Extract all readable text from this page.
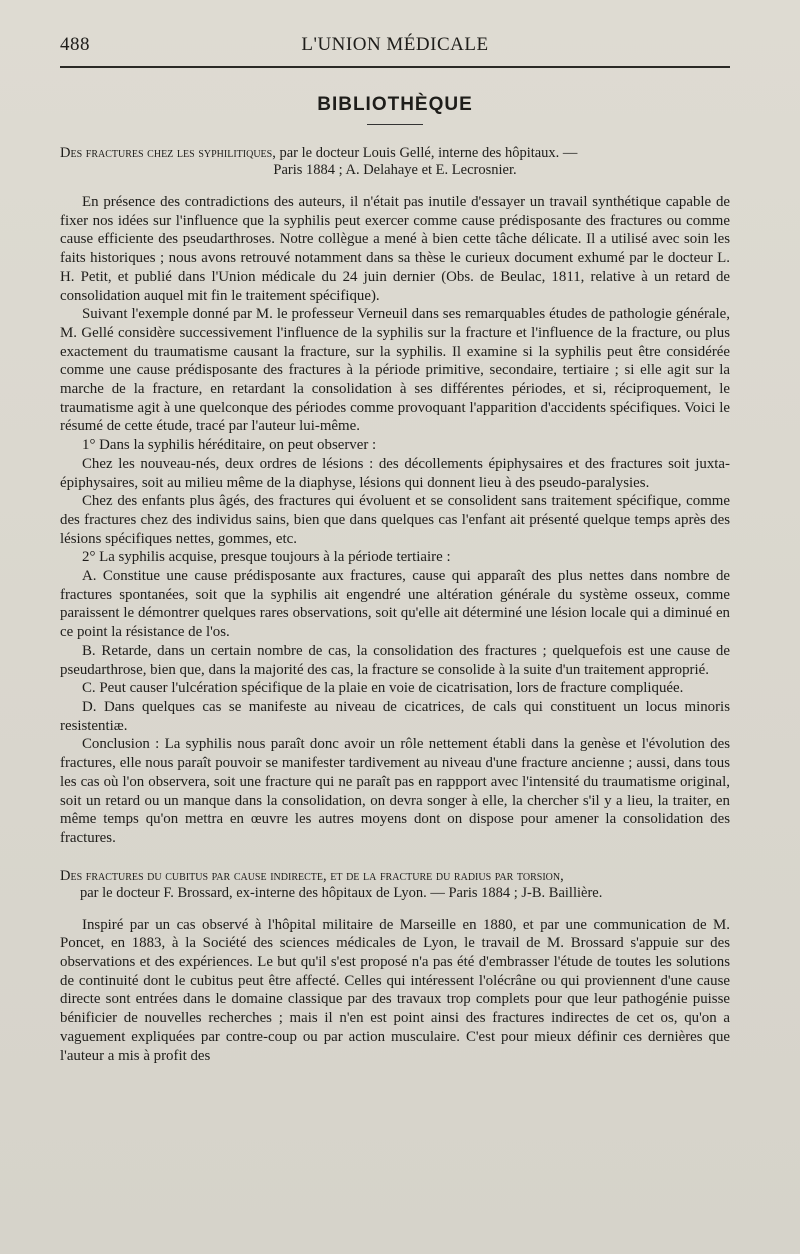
488	L'UNION MÉDICALE
BIBLIOTHÈQUE
Des fractures chez les syphilitiques, par le docteur Louis Gellé, interne des hôpitaux. —
Paris 1884 ; A. Delahaye et E. Lecrosnier.

En présence des contradictions des auteurs, il n'était pas inutile d'essayer un travail synthétique capable de fixer nos idées sur l'influence que la syphilis peut exercer comme cause prédisposante des fractures ou comme cause efficiente des pseudarthroses. Notre collègue a mené à bien cette tâche délicate. Il a utilisé avec soin les faits historiques ; nous avons retrouvé notamment dans sa thèse le curieux document exhumé par le docteur L. H. Petit, et publié dans l'Union médicale du 24 juin dernier (Obs. de Beulac, 1811, relative à un retard de consolidation auquel mit fin le traitement spécifique).

Suivant l'exemple donné par M. le professeur Verneuil dans ses remarquables études de pathologie générale, M. Gellé considère successivement l'influence de la syphilis sur la fracture et l'influence de la fracture, ou plus exactement du traumatisme causant la fracture, sur la syphilis. Il examine si la syphilis peut être considérée comme une cause prédisposante des fractures à la période primitive, secondaire, tertiaire ; si elle agit sur la marche de la fracture, en retardant la consolidation à ses différentes périodes, et si, réciproquement, le traumatisme agit à une quelconque des périodes comme provoquant l'apparition d'accidents spécifiques. Voici le résumé de cette étude, tracé par l'auteur lui-même.

1° Dans la syphilis héréditaire, on peut observer :

Chez les nouveau-nés, deux ordres de lésions : des décollements épiphysaires et des fractures soit juxta-épiphysaires, soit au milieu même de la diaphyse, lésions qui donnent lieu à des pseudo-paralysies.

Chez des enfants plus âgés, des fractures qui évoluent et se consolident sans traitement spécifique, comme des fractures chez des individus sains, bien que dans quelques cas l'enfant ait présenté quelque temps après des lésions spécifiques nettes, gommes, etc.

2° La syphilis acquise, presque toujours à la période tertiaire :

A. Constitue une cause prédisposante aux fractures, cause qui apparaît des plus nettes dans nombre de fractures spontanées, soit que la syphilis ait engendré une altération générale du système osseux, comme paraissent le démontrer quelques rares observations, soit qu'elle ait déterminé une lésion locale qui a diminué en ce point la résistance de l'os.

B. Retarde, dans un certain nombre de cas, la consolidation des fractures ; quelquefois est une cause de pseudarthrose, bien que, dans la majorité des cas, la fracture se consolide à la suite d'un traitement approprié.

C. Peut causer l'ulcération spécifique de la plaie en voie de cicatrisation, lors de fracture compliquée.

D. Dans quelques cas se manifeste au niveau de cicatrices, de cals qui constituent un locus minoris resistentiæ.

Conclusion : La syphilis nous paraît donc avoir un rôle nettement établi dans la genèse et l'évolution des fractures, elle nous paraît pouvoir se manifester tardivement au niveau d'une fracture ancienne ; aussi, dans tous les cas où l'on observera, soit une fracture qui ne paraît pas en rappport avec l'intensité du traumatisme original, soit un retard ou un manque dans la consolidation, on devra songer à elle, la chercher s'il y a lieu, la traiter, en même temps qu'on mettra en œuvre les autres moyens dont on dispose pour amener la consolidation des fractures.

Des fractures du cubitus par cause indirecte, et de la fracture du radius par torsion,
par le docteur F. Brossard, ex-interne des hôpitaux de Lyon. — Paris 1884 ; J-B. Baillière.

Inspiré par un cas observé à l'hôpital militaire de Marseille en 1880, et par une communication de M. Poncet, en 1883, à la Société des sciences médicales de Lyon, le travail de M. Brossard s'appuie sur des observations et des expériences. Le but qu'il s'est proposé n'a pas été d'embrasser l'étude de toutes les solutions de continuité dont le cubitus peut être affecté. Celles qui intéressent l'olécrâne ou qui proviennent d'une cause directe sont entrées dans le domaine classique par des travaux trop complets pour que leur pathogénie puisse bénificier de nouvelles recherches ; mais il n'en est point ainsi des fractures indirectes de cet os, qu'on a vaguement expliquées par contre-coup ou par action musculaire. C'est pour mieux définir ces dernières que l'auteur a mis à profit des
